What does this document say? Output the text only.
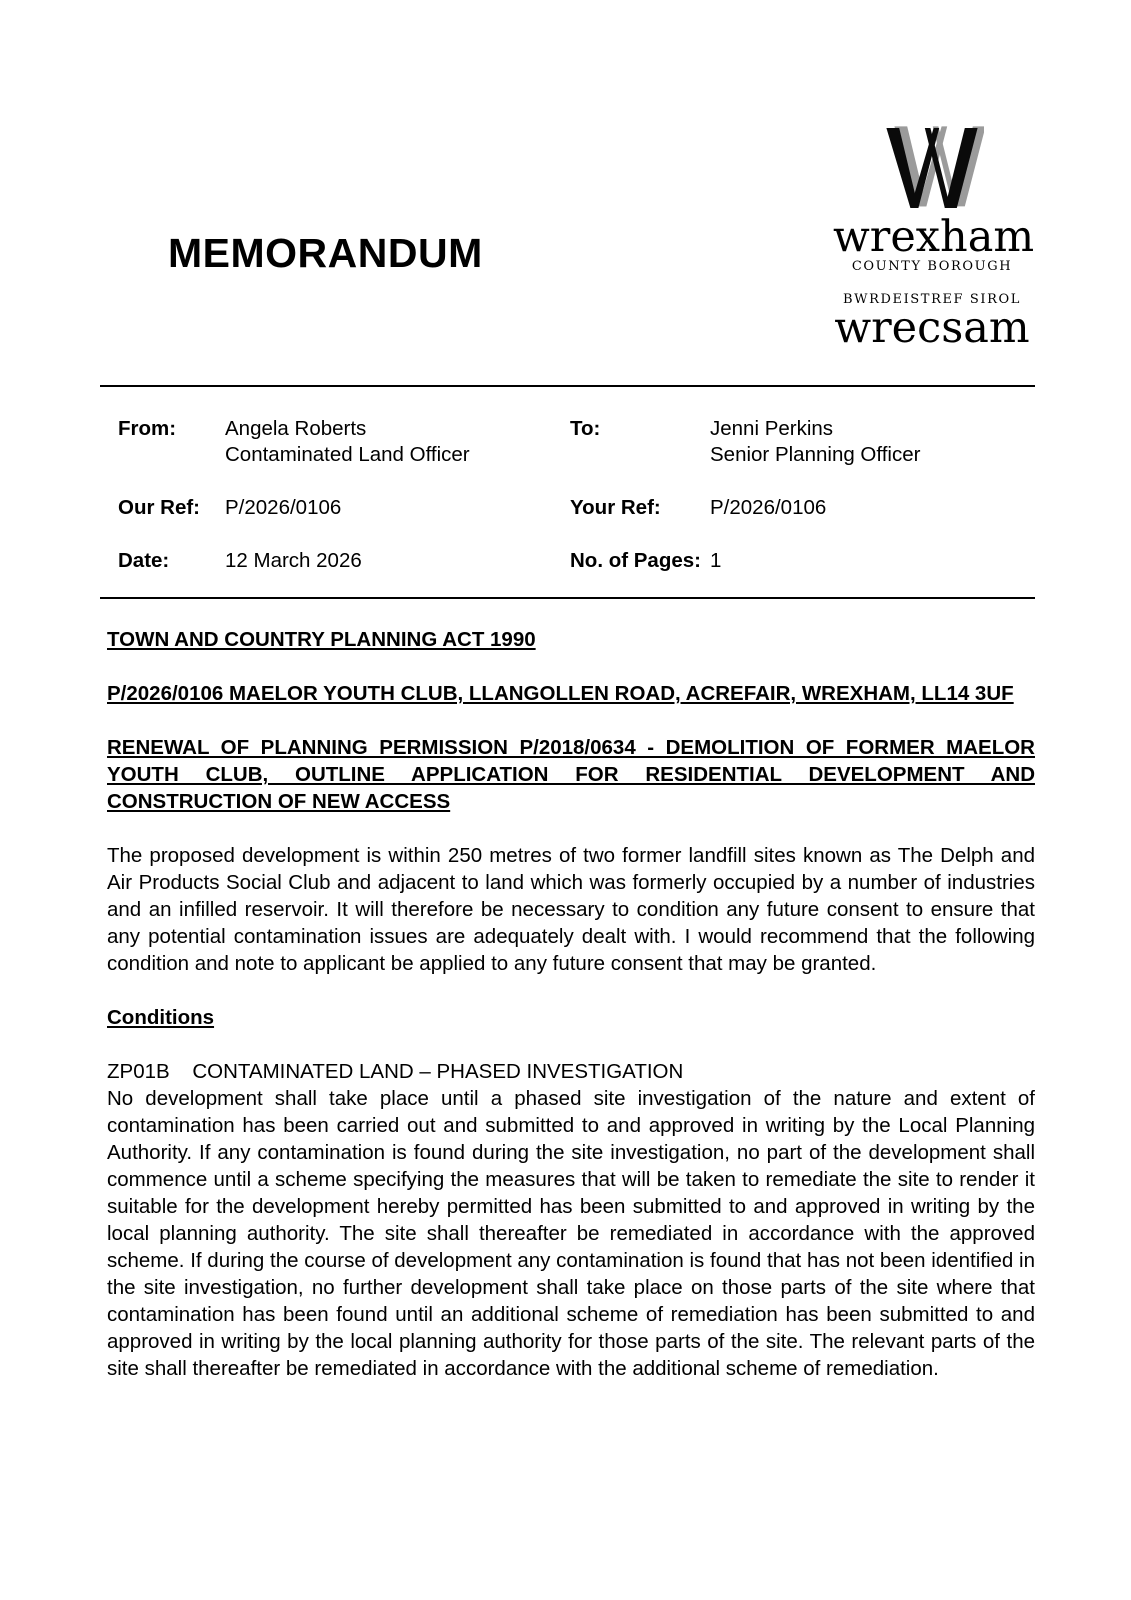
MEMORANDUM	wrexham
COUNTY BOROUGH
BWRDEISTREF SIROL
wrecsam
From:	Angela Roberts
Contaminated Land Officer
To:	Jenni Perkins
Senior Planning Officer
Our Ref:	P/2026/0106	Your Ref:	P/2026/0106
Date:	12 March 2026	No. of Pages: 1
TOWN AND COUNTRY PLANNING ACT 1990
P/2026/0106 MAELOR YOUTH CLUB, LLANGOLLEN ROAD, ACREFAIR, WREXHAM, LL14 3UF
RENEWAL OF PLANNING PERMISSION P/2018/0634 - DEMOLITION OF FORMER MAELOR YOUTH CLUB, OUTLINE APPLICATION FOR RESIDENTIAL DEVELOPMENT AND CONSTRUCTION OF NEW ACCESS

The proposed development is within 250 metres of two former landfill sites known as The Delph and Air Products Social Club and adjacent to land which was formerly occupied by a number of industries and an infilled reservoir. It will therefore be necessary to condition any future consent to ensure that any potential contamination issues are adequately dealt with. I would recommend that the following condition and note to applicant be applied to any future consent that may be granted.

Conditions
ZP01B CONTAMINATED LAND – PHASED INVESTIGATION

No development shall take place until a phased site investigation of the nature and extent of contamination has been carried out and submitted to and approved in writing by the Local Planning Authority. If any contamination is found during the site investigation, no part of the development shall commence until a scheme specifying the measures that will be taken to remediate the site to render it suitable for the development hereby permitted has been submitted to and approved in writing by the local planning authority. The site shall thereafter be remediated in accordance with the approved scheme. If during the course of development any contamination is found that has not been identified in the site investigation, no further development shall take place on those parts of the site where that contamination has been found until an additional scheme of remediation has been submitted to and approved in writing by the local planning authority for those parts of the site. The relevant parts of the site shall thereafter be remediated in accordance with the additional scheme of remediation.
